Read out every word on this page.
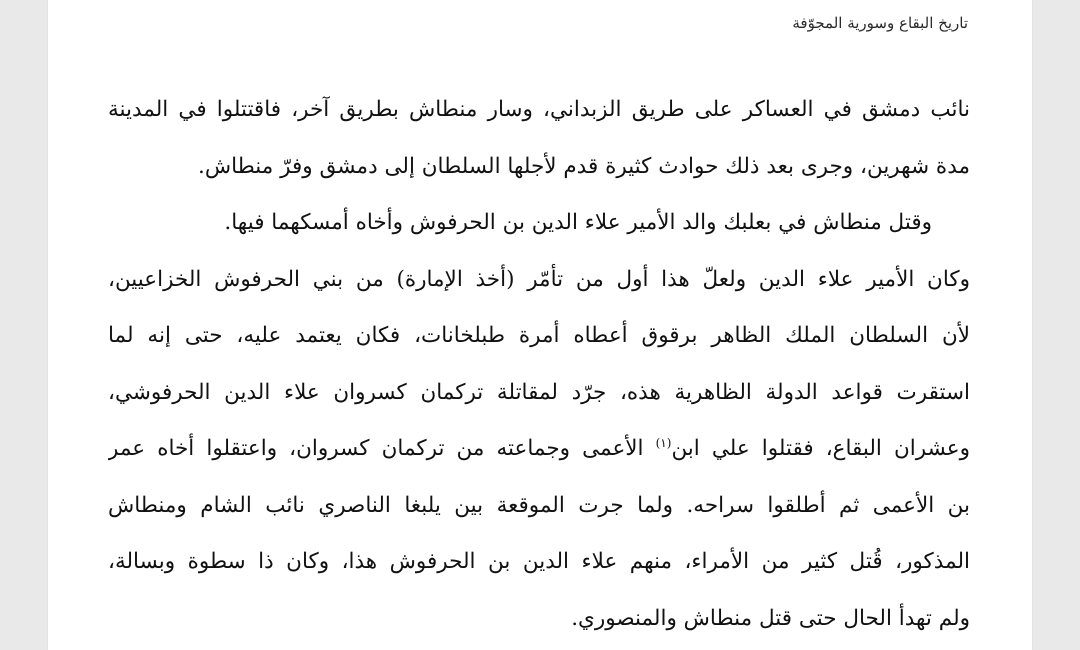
تاريخ البقاع وسورية المجوّفة
نائب دمشق في العساكر على طريق الزبداني، وسار منطاش بطريق آخر، فاقتتلوا في المدينة
مدة شهرين، وجرى بعد ذلك حوادث كثيرة قدم لأجلها السلطان إلى دمشق وفرّ منطاش.
وقتل منطاش في بعلبك والد الأمير علاء الدين بن الحرفوش وأخاه أمسكهما فيها.
وكان الأمير علاء الدين ولعلّ هذا أول من تأمّر (أخذ الإمارة) من بني الحرفوش الخزاعيين،
لأن السلطان الملك الظاهر برقوق أعطاه أمرة طبلخانات، فكان يعتمد عليه، حتى إنه لما
استقرت قواعد الدولة الظاهرية هذه، جرّد لمقاتلة تركمان كسروان علاء الدين الحرفوشي،
وعشران البقاع، فقتلوا علي ابن$^{(١)}$ الأعمى وجماعته من تركمان كسروان، واعتقلوا أخاه عمر
بن الأعمى ثم أطلقوا سراحه. ولما جرت الموقعة بين يلبغا الناصري نائب الشام ومنطاش
المذكور، قُتل كثير من الأمراء، منهم علاء الدين بن الحرفوش هذا، وكان ذا سطوة وبسالة،
ولم تهدأ الحال حتى قتل منطاش والمنصوري.
